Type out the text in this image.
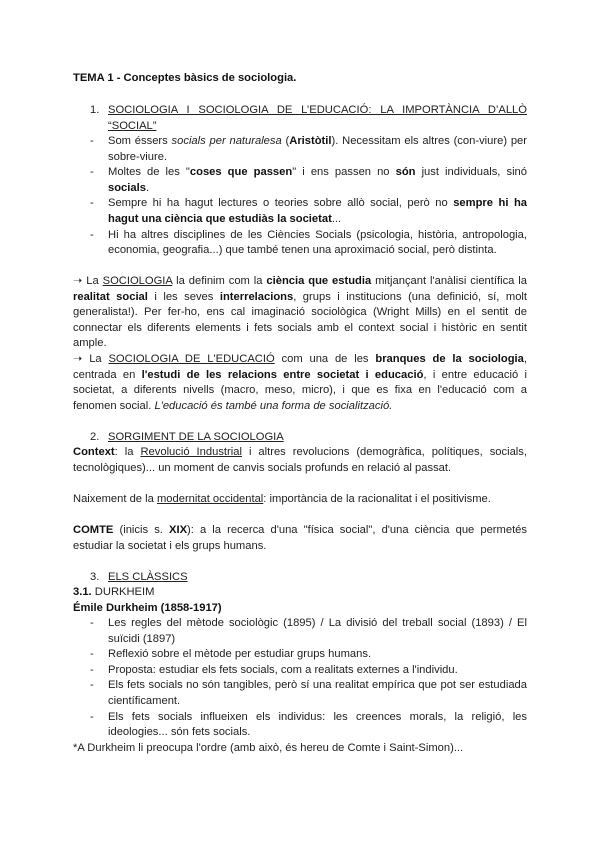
TEMA 1 - Conceptes bàsics de sociologia.
1. SOCIOLOGIA I SOCIOLOGIA DE L’EDUCACIÓ: LA IMPORTÀNCIA D’ALLÒ “SOCIAL”
- Som éssers socials per naturalesa (Aristòtil). Necessitam els altres (con-viure) per sobre-viure.
- Moltes de les "coses que passen" i ens passen no són just individuals, sinó socials.
- Sempre hi ha hagut lectures o teories sobre allò social, però no sempre hi ha hagut una ciència que estudiàs la societat...
- Hi ha altres disciplines de les Ciències Socials (psicologia, història, antropologia, economia, geografia...) que també tenen una aproximació social, però distinta.
➝ La SOCIOLOGIA la definim com la ciència que estudia mitjançant l'anàlisi científica la realitat social i les seves interrelacions, grups i institucions (una definició, sí, molt generalista!). Per fer-ho, ens cal imaginació sociològica (Wright Mills) en el sentit de connectar els diferents elements i fets socials amb el context social i històric en sentit ample.
➝ La SOCIOLOGIA DE L'EDUCACIÓ com una de les branques de la sociologia, centrada en l'estudi de les relacions entre societat i educació, i entre educació i societat, a diferents nivells (macro, meso, micro), i que es fixa en l'educació com a fenomen social. L'educació és també una forma de socialització.
2. SORGIMENT DE LA SOCIOLOGIA
Context: la Revolució Industrial i altres revolucions (demogràfica, polítiques, socials, tecnològiques)... un moment de canvis socials profunds en relació al passat.
Naixement de la modernitat occidental: importància de la racionalitat i el positivisme.
COMTE (inicis s. XIX): a la recerca d'una "física social", d'una ciència que permetés estudiar la societat i els grups humans.
3. ELS CLÀSSICS
3.1. DURKHEIM
Émile Durkheim (1858-1917)
- Les regles del mètode sociològic (1895) / La divisió del treball social (1893) / El suïcidi (1897)
- Reflexió sobre el mètode per estudiar grups humans.
- Proposta: estudiar els fets socials, com a realitats externes a l'individu.
- Els fets socials no són tangibles, però sí una realitat empírica que pot ser estudiada científicament.
- Els fets socials influeixen els individus: les creences morals, la religió, les ideologies... són fets socials.
*A Durkheim li preocupa l'ordre (amb això, és hereu de Comte i Saint-Simon)...
